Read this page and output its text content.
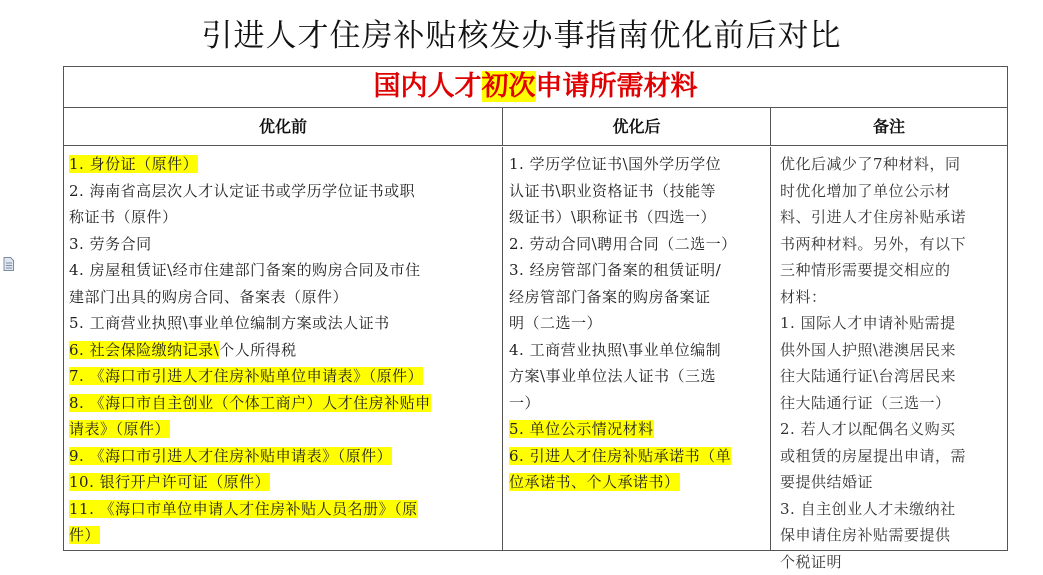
引进人才住房补贴核发办事指南优化前后对比
国内人才初次申请所需材料
优化前	优化后	备注
1. 身份证（原件）
2. 海南省高层次人才认定证书或学历学位证书或职
称证书（原件）
3. 劳务合同
4. 房屋租赁证\经市住建部门备案的购房合同及市住
建部门出具的购房合同、备案表（原件）
5. 工商营业执照\事业单位编制方案或法人证书
6. 社会保险缴纳记录\个人所得税
7. 《海口市引进人才住房补贴单位申请表》（原件）
8. 《海口市自主创业（个体工商户）人才住房补贴申
请表》（原件）
9. 《海口市引进人才住房补贴申请表》（原件）
10. 银行开户许可证（原件）
11. 《海口市单位申请人才住房补贴人员名册》（原
件）
1. 学历学位证书\国外学历学位
认证书\职业资格证书（技能等
级证书）\职称证书（四选一）
2. 劳动合同\聘用合同（二选一）
3. 经房管部门备案的租赁证明/
经房管部门备案的购房备案证
明（二选一）
4. 工商营业执照\事业单位编制
方案\事业单位法人证书（三选
一）
5. 单位公示情况材料
6. 引进人才住房补贴承诺书（单
位承诺书、个人承诺书）
优化后减少了7种材料，同
时优化增加了单位公示材
料、引进人才住房补贴承诺
书两种材料。另外，有以下
三种情形需要提交相应的
材料：
1. 国际人才申请补贴需提
供外国人护照\港澳居民来
往大陆通行证\台湾居民来
往大陆通行证（三选一）
2. 若人才以配偶名义购买
或租赁的房屋提出申请，需
要提供结婚证
3. 自主创业人才未缴纳社
保申请住房补贴需要提供
个税证明
